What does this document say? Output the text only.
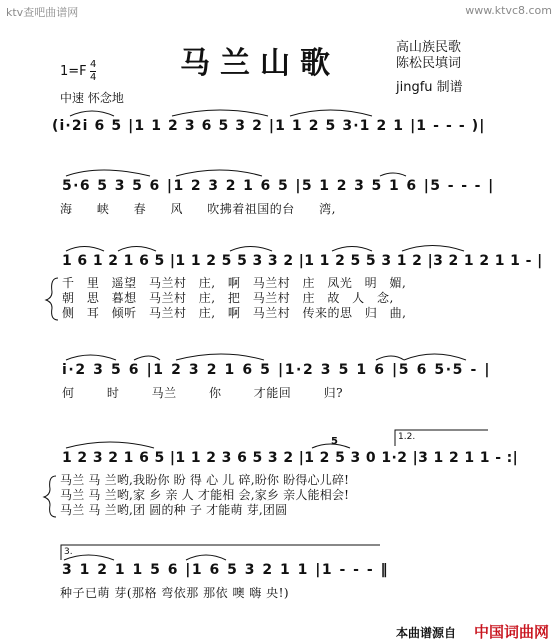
ktv查吧曲谱网	www.ktvc8.com
马兰山歌	高山族民歌
陈松民填词
jingfu 制谱
$1=F \frac{4}{4}$
中速 怀念地
(i·2i 6 5 |1 1 2 3 6 5 3 2 |1 1 2 5 3·1 2 1 |1 - - - )|
5·6 5 3 5 6 |1 2 3 2 1 6 5 |5 1 2 3 5 1 6 |5 - - - |
海 峡 春 风 吹拂着祖国的台 湾,
1 6 1 2 1 6 5 |1 1 2 5 5 3 3 2 |1 1 2 5 5 3 1 2 |3 2 1 2 1 1 - |
千 里 遥望 马兰村 庄, 啊 马兰村 庄 凤光 明 媚,
朝 思 暮想 马兰村 庄, 把 马兰村 庄 故 人 念,
侧 耳 倾听 马兰村 庄, 啊 马兰村 传来的思 归 曲,
i·2 3 5 6 |1 2 3 2 1 6 5 |1·2 3 5 1 6 |5 6 5·5 - |
何 时 马兰 你 才能回 归?
1.2.
5
1 2 3 2 1 6 5 |1 1 2 3 6 5 3 2 |1 2 5 3 0 1·2 |3 1 2 1 1 - :|
马兰 马 兰哟,我盼你 盼 得 心 儿 碎,盼你 盼得心儿碎!
马兰 马 兰哟,家 乡 亲 人 才能相 会,家乡 亲人能相会!
马兰 马 兰哟,团 圆的种 子 才能萌 芽,团圆
3.
3 1 2 1 1 5 6 |1 6 5 3 2 1 1 |1 - - - ‖
种子已萌 芽(那格 弯依那 那依 噢 嗨 央!)
本曲谱源自 中国词曲网
